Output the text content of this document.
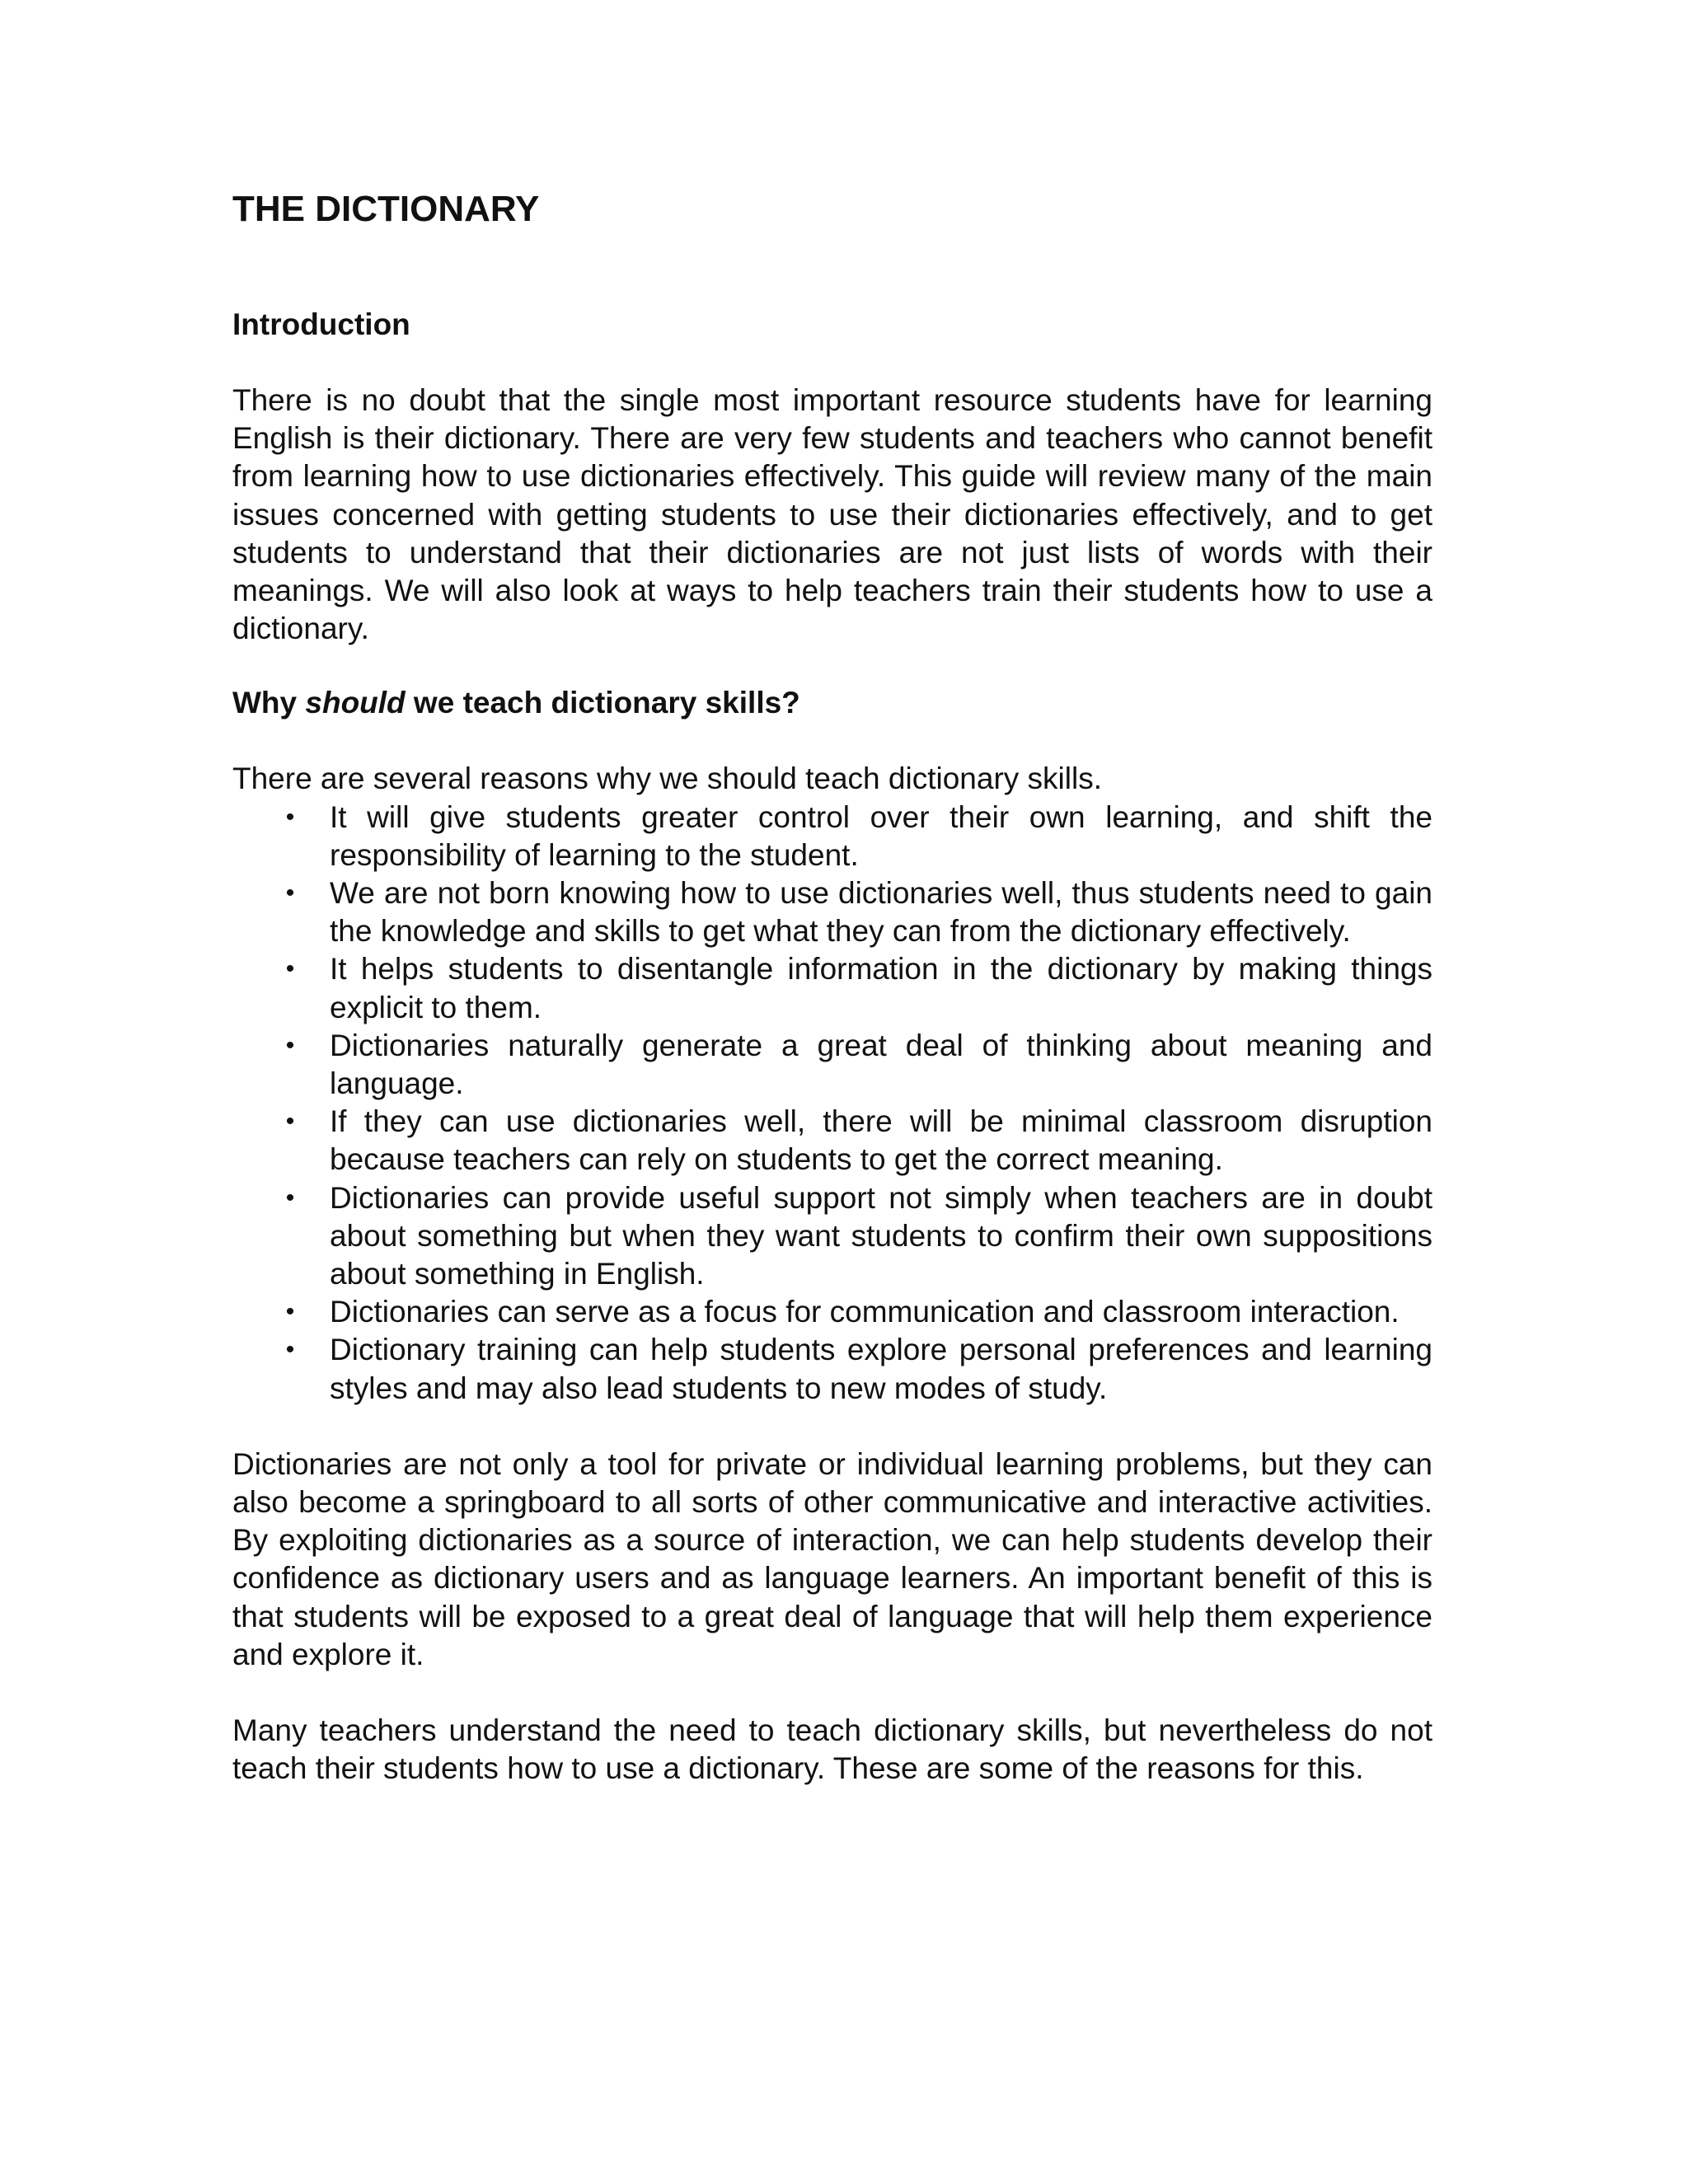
THE DICTIONARY
Introduction

There is no doubt that the single most important resource students have for learning English is their dictionary. There are very few students and teachers who cannot benefit from learning how to use dictionaries effectively. This guide will review many of the main issues concerned with getting students to use their dictionaries effectively, and to get students to understand that their dictionaries are not just lists of words with their meanings. We will also look at ways to help teachers train their students how to use a dictionary.

Why should we teach dictionary skills?

There are several reasons why we should teach dictionary skills.

• It will give students greater control over their own learning, and shift the responsibility of learning to the student.
• We are not born knowing how to use dictionaries well, thus students need to gain the knowledge and skills to get what they can from the dictionary effectively.
• It helps students to disentangle information in the dictionary by making things explicit to them.
• Dictionaries naturally generate a great deal of thinking about meaning and language.
• If they can use dictionaries well, there will be minimal classroom disruption because teachers can rely on students to get the correct meaning.
• Dictionaries can provide useful support not simply when teachers are in doubt about something but when they want students to confirm their own suppositions about something in English.
• Dictionaries can serve as a focus for communication and classroom interaction.
• Dictionary training can help students explore personal preferences and learning styles and may also lead students to new modes of study.

Dictionaries are not only a tool for private or individual learning problems, but they can also become a springboard to all sorts of other communicative and interactive activities. By exploiting dictionaries as a source of interaction, we can help students develop their confidence as dictionary users and as language learners. An important benefit of this is that students will be exposed to a great deal of language that will help them experience and explore it.

Many teachers understand the need to teach dictionary skills, but nevertheless do not teach their students how to use a dictionary. These are some of the reasons for this.
